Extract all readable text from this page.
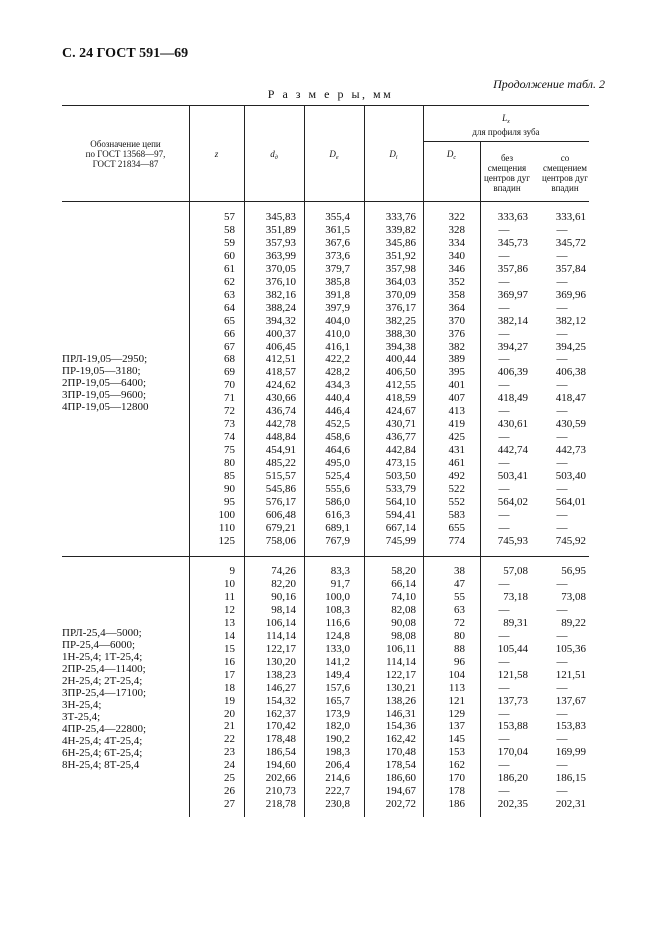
С. 24 ГОСТ 591—69
Продолжение табл. 2
Р а з м е р ы, мм
Обозначение цепи
по ГОСТ 13568—97,
ГОСТ 21834—87
z	$d_д$	$D_e$	$D_i$	$D_c$
$L_x$
для профиля зуба
без
смещения
центров дуг
впадин
со
смещением
центров дуг
впадин
ПРЛ-19,05—2950;
ПР-19,05—3180;
2ПР-19,05—6400;
3ПР-19,05—9600;
4ПР-19,05—12800
57	345,83	355,4	333,76	322	333,63	333,61
58	351,89	361,5	339,82	328	—	—
59	357,93	367,6	345,86	334	345,73	345,72
60	363,99	373,6	351,92	340	—	—
61	370,05	379,7	357,98	346	357,86	357,84
62	376,10	385,8	364,03	352	—	—
63	382,16	391,8	370,09	358	369,97	369,96
64	388,24	397,9	376,17	364	—	—
65	394,32	404,0	382,25	370	382,14	382,12
66	400,37	410,0	388,30	376	—	—
67	406,45	416,1	394,38	382	394,27	394,25
68	412,51	422,2	400,44	389	—	—
69	418,57	428,2	406,50	395	406,39	406,38
70	424,62	434,3	412,55	401	—	—
71	430,66	440,4	418,59	407	418,49	418,47
72	436,74	446,4	424,67	413	—	—
73	442,78	452,5	430,71	419	430,61	430,59
74	448,84	458,6	436,77	425	—	—
75	454,91	464,6	442,84	431	442,74	442,73
80	485,22	495,0	473,15	461	—	—
85	515,57	525,4	503,50	492	503,41	503,40
90	545,86	555,6	533,79	522	—	—
95	576,17	586,0	564,10	552	564,02	564,01
100	606,48	616,3	594,41	583	—	—
110	679,21	689,1	667,14	655	—	—
125	758,06	767,9	745,99	774	745,93	745,92
ПРЛ-25,4—5000;
ПР-25,4—6000;
1Н-25,4; 1Т-25,4;
2ПР-25,4—11400;
2Н-25,4; 2Т-25,4;
3ПР-25,4—17100;
3Н-25,4;
3Т-25,4;
4ПР-25,4—22800;
4Н-25,4; 4Т-25,4;
6Н-25,4; 6Т-25,4;
8Н-25,4; 8Т-25,4
9	74,26	83,3	58,20	38	57,08	56,95
10	82,20	91,7	66,14	47	—	—
11	90,16	100,0	74,10	55	73,18	73,08
12	98,14	108,3	82,08	63	—	—
13	106,14	116,6	90,08	72	89,31	89,22
14	114,14	124,8	98,08	80	—	—
15	122,17	133,0	106,11	88	105,44	105,36
16	130,20	141,2	114,14	96	—	—
17	138,23	149,4	122,17	104	121,58	121,51
18	146,27	157,6	130,21	113	—	—
19	154,32	165,7	138,26	121	137,73	137,67
20	162,37	173,9	146,31	129	—	—
21	170,42	182,0	154,36	137	153,88	153,83
22	178,48	190,2	162,42	145	—	—
23	186,54	198,3	170,48	153	170,04	169,99
24	194,60	206,4	178,54	162	—	—
25	202,66	214,6	186,60	170	186,20	186,15
26	210,73	222,7	194,67	178	—	—
27	218,78	230,8	202,72	186	202,35	202,31
